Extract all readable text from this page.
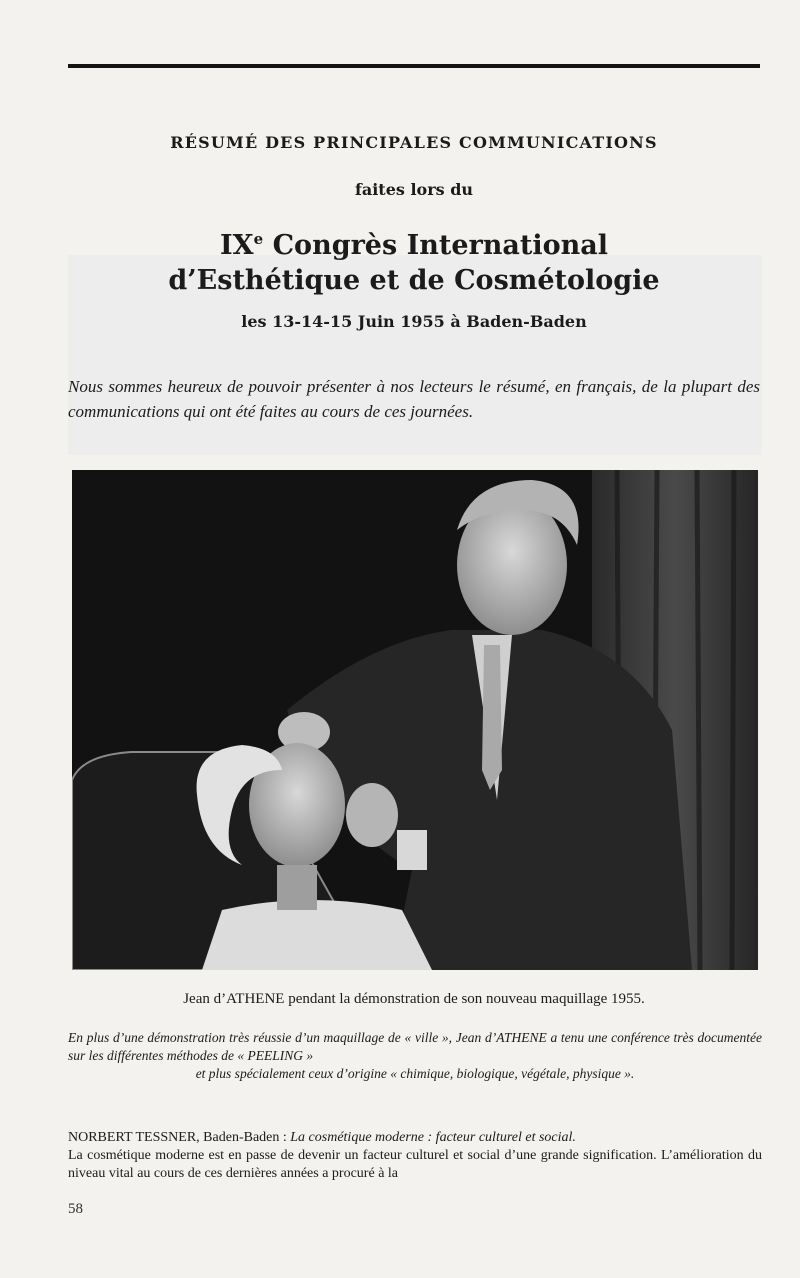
RÉSUMÉ DES PRINCIPALES COMMUNICATIONS

faites lors du

IXe Congrès International
d’Esthétique et de Cosmétologie

les 13-14-15 Juin 1955 à Baden-Baden

Nous sommes heureux de pouvoir présenter à nos lecteurs le résumé, en français, de la plupart des communications qui ont été faites au cours de ces journées.

Jean d’ATHENE pendant la démonstration de son nouveau maquillage 1955.

En plus d’une démonstration très réussie d’un maquillage de « ville », Jean d’ATHENE a tenu une conférence très documentée sur les différentes méthodes de « PEELING »
et plus spécialement ceux d’origine « chimique, biologique, végétale, physique ».

NORBERT TESSNER, Baden-Baden : La cosmétique moderne : facteur culturel et social.

La cosmétique moderne est en passe de devenir un facteur culturel et social d’une grande signification. L’amélioration du niveau vital au cours de ces dernières années a procuré à la

58
